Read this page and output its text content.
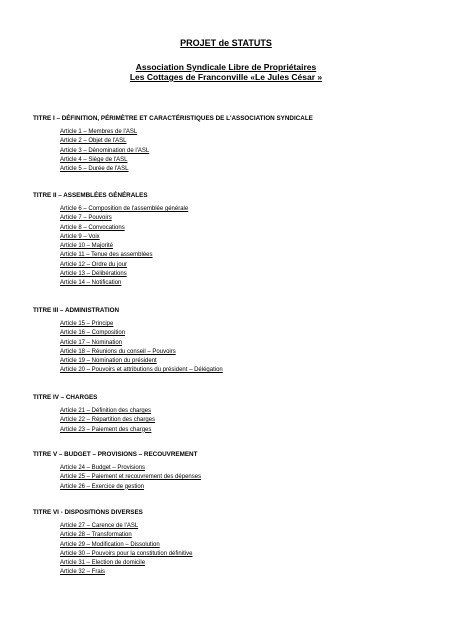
PROJET de STATUTS
Association Syndicale Libre de Propriétaires
Les Cottages de Franconville «Le Jules César »
TITRE I – DÉFINITION, PÉRIMÈTRE ET CARACTÉRISTIQUES DE L'ASSOCIATION SYNDICALE
Article 1 – Membres de l'ASL
Article 2 – Objet de l'ASL
Article 3 – Dénomination de l'ASL
Article 4 – Siège de l'ASL
Article 5 – Durée de l'ASL
TITRE II – ASSEMBLÉES GÉNÉRALES
Article 6 – Composition de l'assemblée générale
Article 7 – Pouvoirs
Article 8 – Convocations
Article 9 – Voix
Article 10 – Majorité
Article 11 – Tenue des assemblées
Article 12 – Ordre du jour
Article 13 – Délibérations
Article 14 – Notification
TITRE III – ADMINISTRATION
Article 15 – Principe
Article 16 – Composition
Article 17 – Nomination
Article 18 – Réunions du conseil – Pouvoirs
Article 19 – Nomination du président
Article 20 – Pouvoirs et attributions du président – Délégation
TITRE IV – CHARGES
Article 21 – Définition des charges
Article 22 – Répartition des charges
Article 23 – Paiement des charges
TITRE V – BUDGET – PROVISIONS – RECOUVREMENT
Article 24 – Budget – Provisions
Article 25 – Paiement et recouvrement des dépenses
Article 26 – Exercice de gestion
TITRE VI - DISPOSITIONS DIVERSES
Article 27 – Carence de l'ASL
Article 28 – Transformation
Article 29 – Modification – Dissolution
Article 30 – Pouvoirs pour la constitution définitive
Article 31 – Election de domicile
Article 32 – Frais
